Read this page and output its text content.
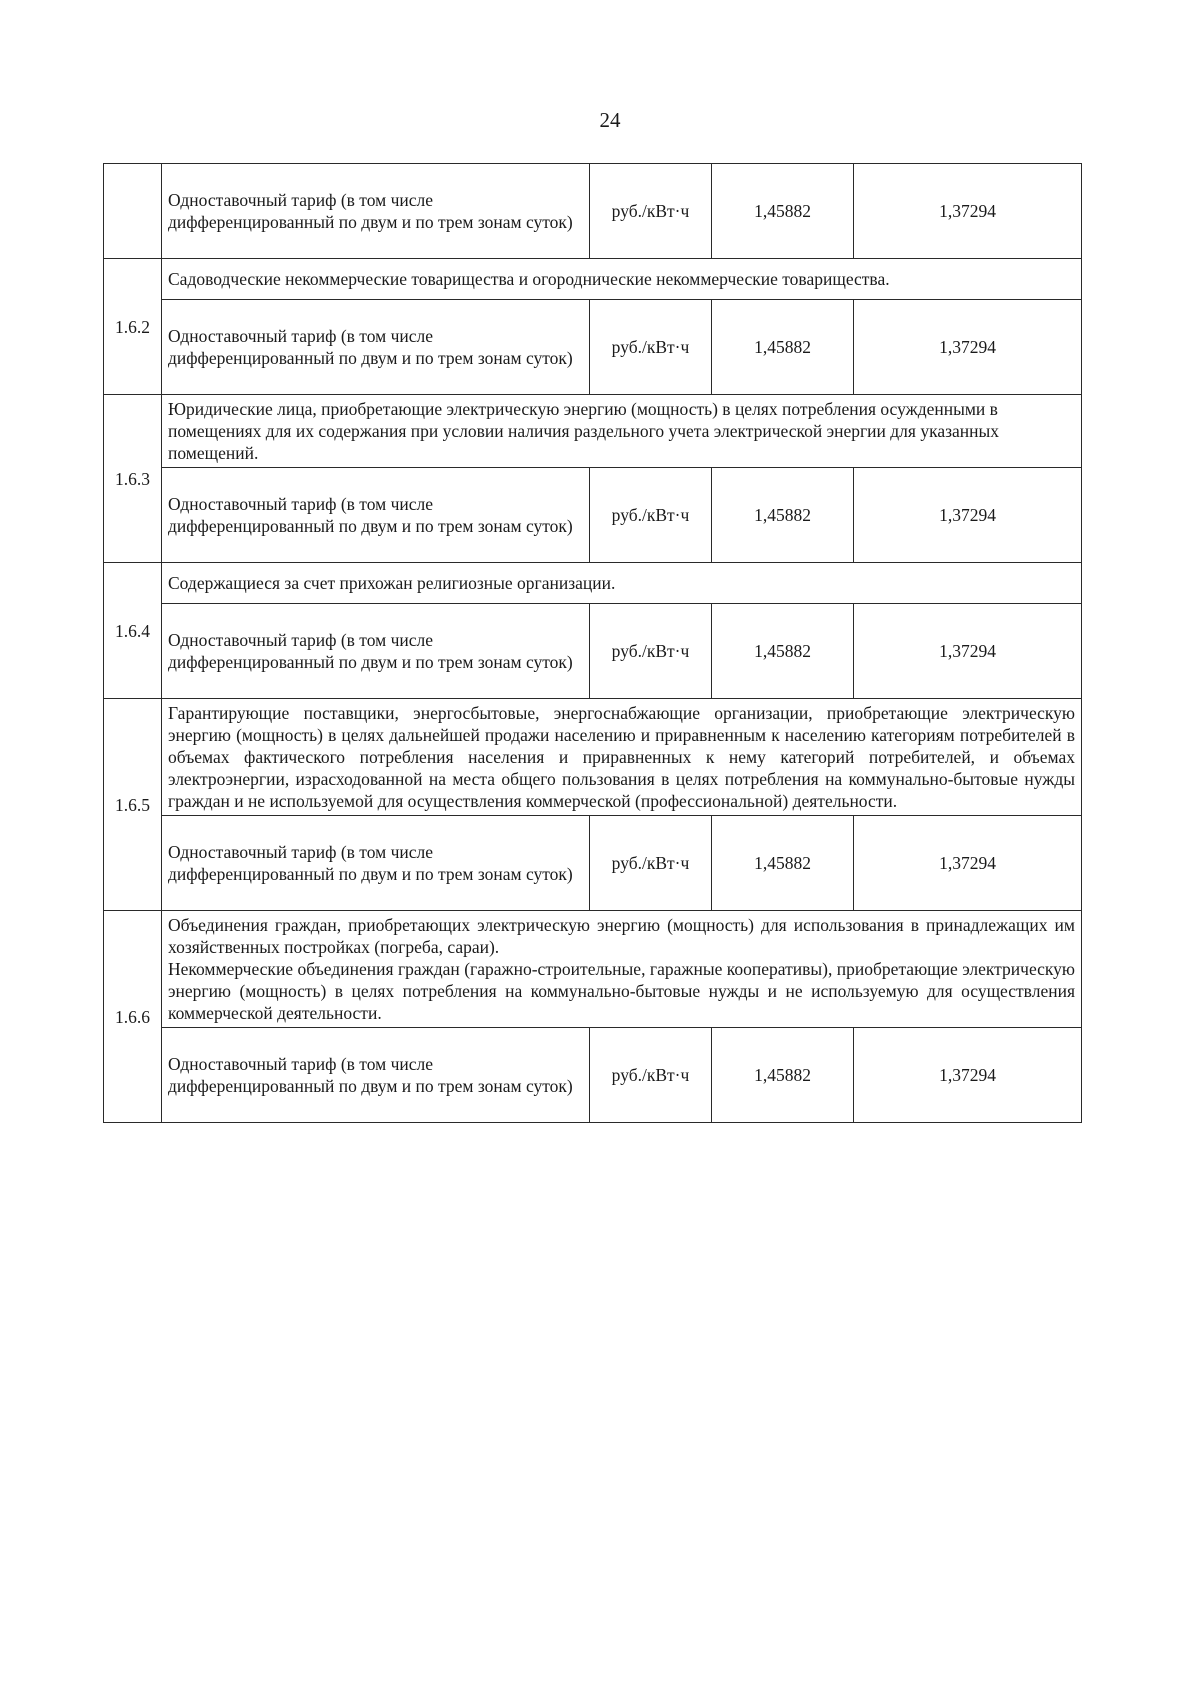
24
	Одноставочный тариф (в том числе дифференцированный по двум и по трем зонам суток)	руб./кВт·ч	1,45882	1,37294
1.6.2	Садоводческие некоммерческие товарищества и огороднические некоммерческие товарищества.			
	Одноставочный тариф (в том числе дифференцированный по двум и по трем зонам суток)	руб./кВт·ч	1,45882	1,37294
1.6.3	Юридические лица, приобретающие электрическую энергию (мощность) в целях потребления осужденными в помещениях для их содержания при условии наличия раздельного учета электрической энергии для указанных помещений.			
	Одноставочный тариф (в том числе дифференцированный по двум и по трем зонам суток)	руб./кВт·ч	1,45882	1,37294
1.6.4	Содержащиеся за счет прихожан религиозные организации.			
	Одноставочный тариф (в том числе дифференцированный по двум и по трем зонам суток)	руб./кВт·ч	1,45882	1,37294
1.6.5	Гарантирующие поставщики, энергосбытовые, энергоснабжающие организации, приобретающие электрическую энергию (мощность) в целях дальнейшей продажи населению и приравненным к населению категориям потребителей в объемах фактического потребления населения и приравненных к нему категорий потребителей, и объемах электроэнергии, израсходованной на места общего пользования в целях потребления на коммунально-бытовые нужды граждан и не используемой для осуществления коммерческой (профессиональной) деятельности.			
	Одноставочный тариф (в том числе дифференцированный по двум и по трем зонам суток)	руб./кВт·ч	1,45882	1,37294
1.6.6	Объединения граждан, приобретающих электрическую энергию (мощность) для использования в принадлежащих им хозяйственных постройках (погреба, сараи).
Некоммерческие объединения граждан (гаражно-строительные, гаражные кооперативы), приобретающие электрическую энергию (мощность) в целях потребления на коммунально-бытовые нужды и не используемую для осуществления коммерческой деятельности.			

	Одноставочный тариф (в том числе дифференцированный по двум и по трем зонам суток)	руб./кВт·ч	1,45882	1,37294
